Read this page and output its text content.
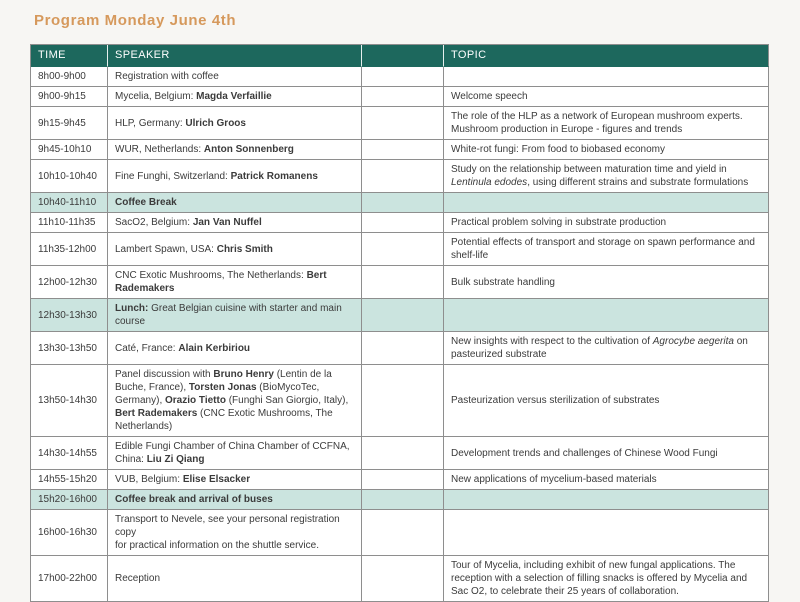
Program Monday June 4th
TIME	SPEAKER		TOPIC
8h00-9h00	Registration with coffee		
9h00-9h15	Mycelia, Belgium: Magda Verfaillie		Welcome speech
9h15-9h45	HLP, Germany: Ulrich Groos		The role of the HLP as a network of European mushroom experts.
Mushroom production in Europe - figures and trends
9h45-10h10	WUR, Netherlands: Anton Sonnenberg		White-rot fungi: From food to biobased economy
10h10-10h40	Fine Funghi, Switzerland: Patrick Romanens		Study on the relationship between maturation time and yield in Lentinula edodes, using different strains and substrate formulations
10h40-11h10	Coffee Break		
11h10-11h35	SacO2, Belgium: Jan Van Nuffel		Practical problem solving in substrate production
11h35-12h00	Lambert Spawn, USA: Chris Smith		Potential effects of transport and storage on spawn performance and shelf-life
12h00-12h30	CNC Exotic Mushrooms, The Netherlands: Bert Rademakers		Bulk substrate handling
12h30-13h30	Lunch: Great Belgian cuisine with starter and main course		
13h30-13h50	Caté, France: Alain Kerbiriou		New insights with respect to the cultivation of Agrocybe aegerita on pasteurized substrate
13h50-14h30	Panel discussion with Bruno Henry (Lentin de la Buche, France), Torsten Jonas (BioMycoTec, Germany), Orazio Tietto (Funghi San Giorgio, Italy), Bert Rademakers (CNC Exotic Mushrooms, The Netherlands)		Pasteurization versus sterilization of substrates
14h30-14h55	Edible Fungi Chamber of China Chamber of CCFNA, China: Liu Zi Qiang		Development trends and challenges of Chinese Wood Fungi
14h55-15h20	VUB, Belgium: Elise Elsacker		New applications of mycelium-based materials
15h20-16h00	Coffee break and arrival of buses		
16h00-16h30	Transport to Nevele, see your personal registration copy
for practical information on the shuttle service.		
17h00-22h00	Reception		Tour of Mycelia, including exhibit of new fungal applications. The reception with a selection of filling snacks is offered by Mycelia and Sac O2, to celebrate their 25 years of collaboration.
